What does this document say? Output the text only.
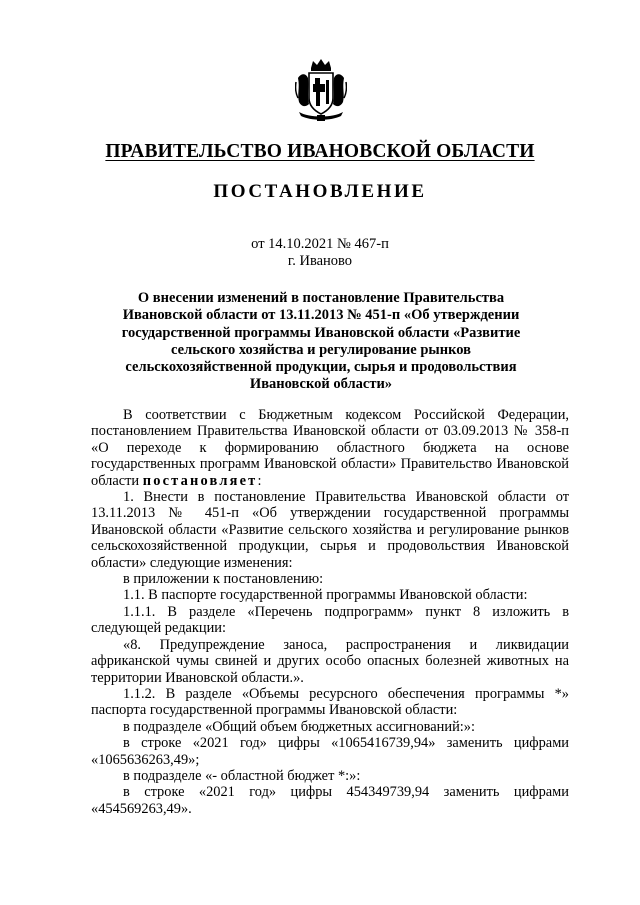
ПРАВИТЕЛЬСТВО ИВАНОВСКОЙ ОБЛАСТИ
ПОСТАНОВЛЕНИЕ
от 14.10.2021 № 467-п
г. Иваново
О внесении изменений в постановление Правительства Ивановской области от 13.11.2013 № 451-п «Об утверждении государственной программы Ивановской области «Развитие сельского хозяйства и регулирование рынков сельскохозяйственной продукции, сырья и продовольствия Ивановской области»

В соответствии с Бюджетным кодексом Российской Федерации, постановлением Правительства Ивановской области от 03.09.2013 № 358-п «О переходе к формированию областного бюджета на основе государственных программ Ивановской области» Правительство Ивановской области постановляет:

1. Внести в постановление Правительства Ивановской области от 13.11.2013 № 451-п «Об утверждении государственной программы Ивановской области «Развитие сельского хозяйства и регулирование рынков сельскохозяйственной продукции, сырья и продовольствия Ивановской области» следующие изменения:

в приложении к постановлению:

1.1. В паспорте государственной программы Ивановской области:

1.1.1. В разделе «Перечень подпрограмм» пункт 8 изложить в следующей редакции:

«8. Предупреждение заноса, распространения и ликвидации африканской чумы свиней и других особо опасных болезней животных на территории Ивановской области.».

1.1.2. В разделе «Объемы ресурсного обеспечения программы *» паспорта государственной программы Ивановской области:

в подразделе «Общий объем бюджетных ассигнований:»:

в строке «2021 год» цифры «1065416739,94» заменить цифрами «1065636263,49»;

в подразделе «- областной бюджет *:»:

в строке «2021 год» цифры 454349739,94 заменить цифрами «454569263,49».
